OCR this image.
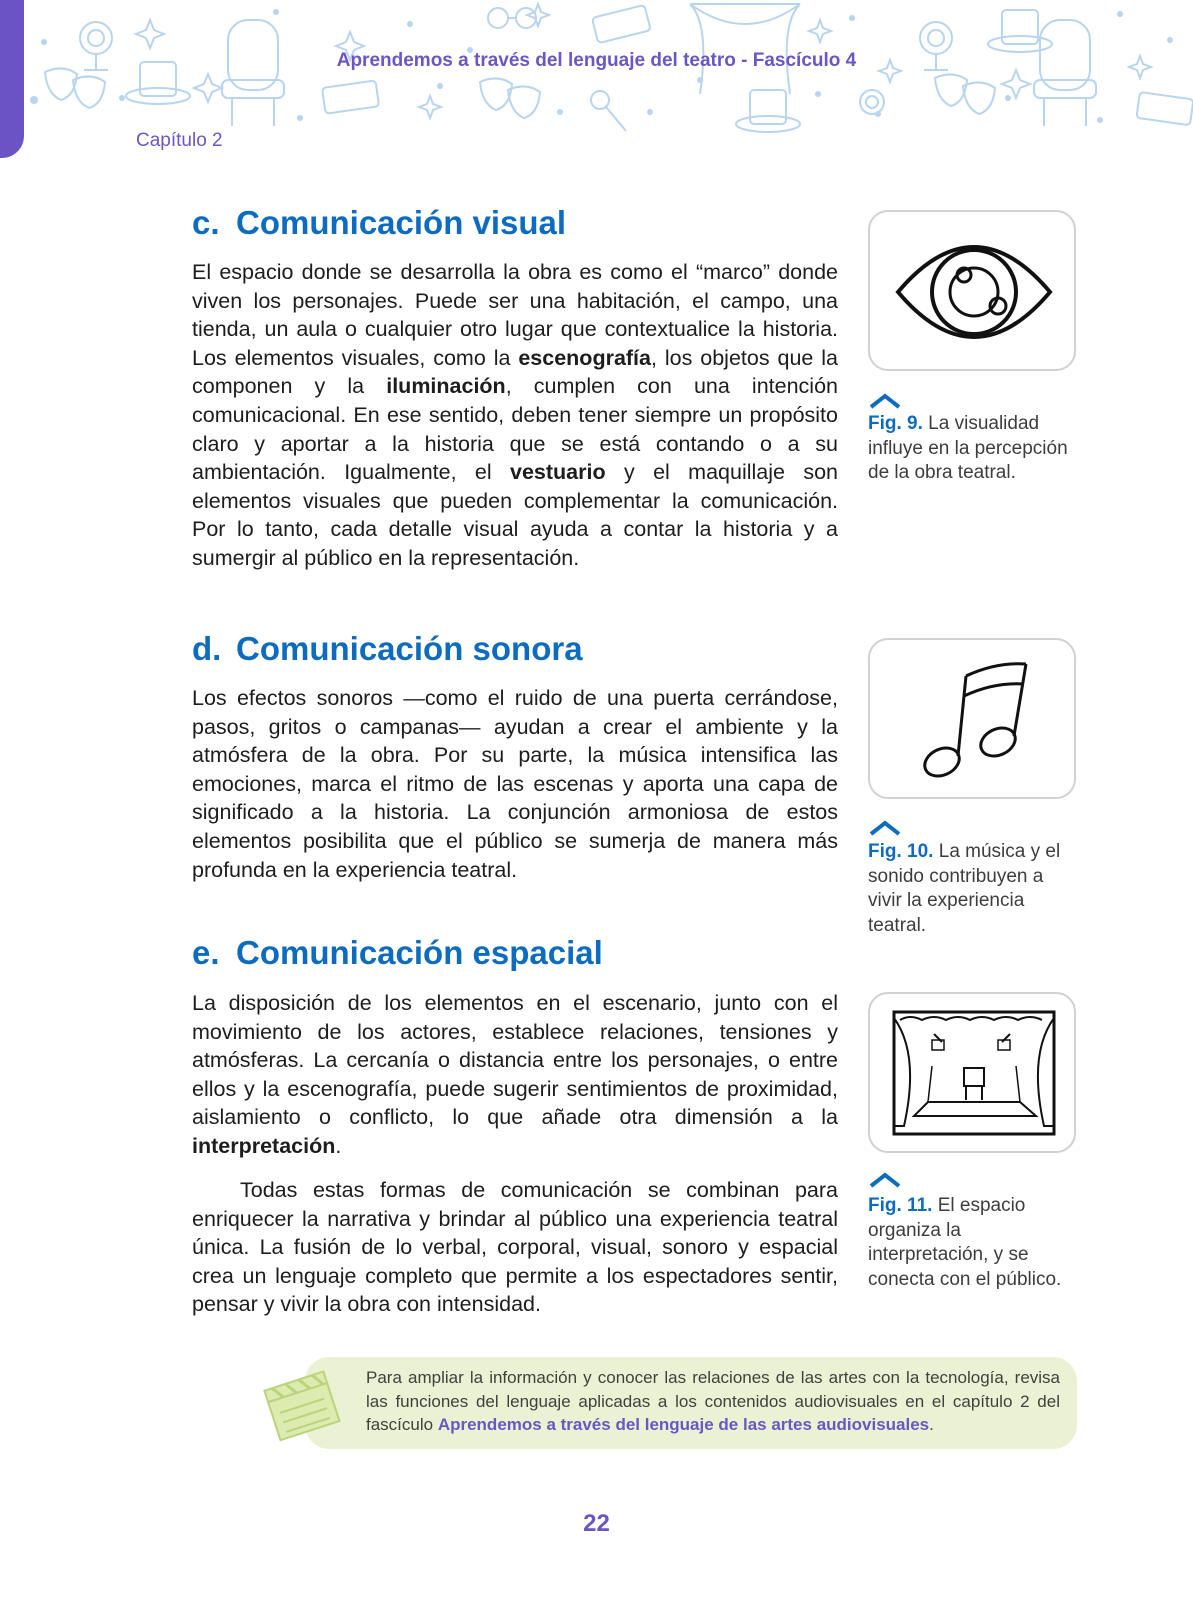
Aprendemos a través del lenguaje del teatro - Fascículo 4
Capítulo 2
c. Comunicación visual

El espacio donde se desarrolla la obra es como el “marco” donde viven los personajes. Puede ser una habitación, el campo, una tienda, un aula o cualquier otro lugar que contextualice la historia. Los elementos visuales, como la escenografía, los objetos que la componen y la iluminación, cumplen con una intención comunicacional. En ese sentido, deben tener siempre un propósito claro y aportar a la historia que se está contando o a su ambientación. Igualmente, el vestuario y el maquillaje son elementos visuales que pueden complementar la comunicación. Por lo tanto, cada detalle visual ayuda a contar la historia y a sumergir al público en la representación.

Fig. 9. La visualidad influye en la percepción de la obra teatral.
d. Comunicación sonora

Los efectos sonoros —como el ruido de una puerta cerrándose, pasos, gritos o campanas— ayudan a crear el ambiente y la atmósfera de la obra. Por su parte, la música intensifica las emociones, marca el ritmo de las escenas y aporta una capa de significado a la historia. La conjunción armoniosa de estos elementos posibilita que el público se sumerja de manera más profunda en la experiencia teatral.

Fig. 10. La música y el sonido contribuyen a vivir la experiencia teatral.
e. Comunicación espacial

La disposición de los elementos en el escenario, junto con el movimiento de los actores, establece relaciones, tensiones y atmósferas. La cercanía o distancia entre los personajes, o entre ellos y la escenografía, puede sugerir sentimientos de proximidad, aislamiento o conflicto, lo que añade otra dimensión a la interpretación.

Todas estas formas de comunicación se combinan para enriquecer la narrativa y brindar al público una experiencia teatral única. La fusión de lo verbal, corporal, visual, sonoro y espacial crea un lenguaje completo que permite a los espectadores sentir, pensar y vivir la obra con intensidad.

Fig. 11. El espacio organiza la interpretación, y se conecta con el público.

Para ampliar la información y conocer las relaciones de las artes con la tecnología, revisa las funciones del lenguaje aplicadas a los contenidos audiovisuales en el capítulo 2 del fascículo Aprendemos a través del lenguaje de las artes audiovisuales.

22
